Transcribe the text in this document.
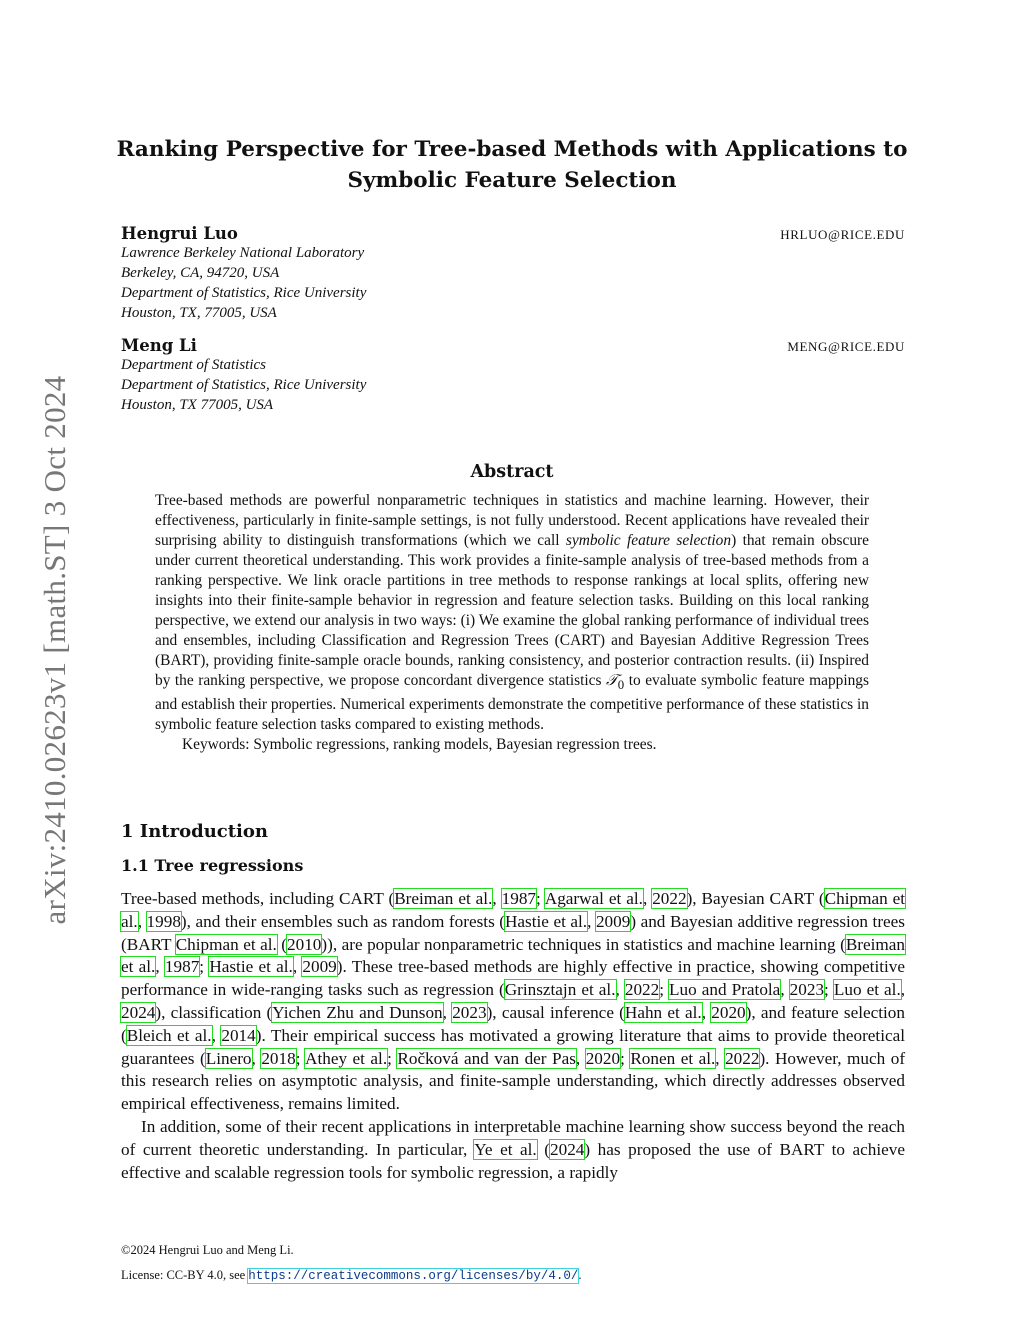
arXiv:2410.02623v1 [math.ST] 3 Oct 2024
Ranking Perspective for Tree-based Methods with Applications to Symbolic Feature Selection
Hengrui Luo	HRLUO@RICE.EDU
Lawrence Berkeley National Laboratory
Berkeley, CA, 94720, USA
Department of Statistics, Rice University
Houston, TX, 77005, USA
Meng Li	MENG@RICE.EDU
Department of Statistics
Department of Statistics, Rice University
Houston, TX 77005, USA
Abstract

Tree-based methods are powerful nonparametric techniques in statistics and machine learning. However, their effectiveness, particularly in finite-sample settings, is not fully understood. Recent applications have revealed their surprising ability to distinguish transformations (which we call symbolic feature selection) that remain obscure under current theoretical understanding. This work provides a finite-sample analysis of tree-based methods from a ranking perspective. We link oracle partitions in tree methods to response rankings at local splits, offering new insights into their finite-sample behavior in regression and feature selection tasks. Building on this local ranking perspective, we extend our analysis in two ways: (i) We examine the global ranking performance of individual trees and ensembles, including Classification and Regression Trees (CART) and Bayesian Additive Regression Trees (BART), providing finite-sample oracle bounds, ranking consistency, and posterior contraction results. (ii) Inspired by the ranking perspective, we propose concordant divergence statistics 𝒯$_0$ to evaluate symbolic feature mappings and establish their properties. Numerical experiments demonstrate the competitive performance of these statistics in symbolic feature selection tasks compared to existing methods.

Keywords: Symbolic regressions, ranking models, Bayesian regression trees.

1 Introduction
1.1 Tree regressions

Tree-based methods, including CART (Breiman et al., 1987; Agarwal et al., 2022), Bayesian CART (Chipman et al., 1998), and their ensembles such as random forests (Hastie et al., 2009) and Bayesian additive regression trees (BART Chipman et al. (2010)), are popular nonparametric techniques in statistics and machine learning (Breiman et al., 1987; Hastie et al., 2009). These tree-based methods are highly effective in practice, showing competitive performance in wide-ranging tasks such as regression (Grinsztajn et al., 2022; Luo and Pratola, 2023; Luo et al., 2024), classification (Yichen Zhu and Dunson, 2023), causal inference (Hahn et al., 2020), and feature selection (Bleich et al., 2014). Their empirical success has motivated a growing literature that aims to provide theoretical guarantees (Linero, 2018; Athey et al.; Ročková and van der Pas, 2020; Ronen et al., 2022). However, much of this research relies on asymptotic analysis, and finite-sample understanding, which directly addresses observed empirical effectiveness, remains limited.

In addition, some of their recent applications in interpretable machine learning show success beyond the reach of current theoretic understanding. In particular, Ye et al. (2024) has proposed the use of BART to achieve effective and scalable regression tools for symbolic regression, a rapidly

©2024 Hengrui Luo and Meng Li.
License: CC-BY 4.0, see https://creativecommons.org/licenses/by/4.0/.
